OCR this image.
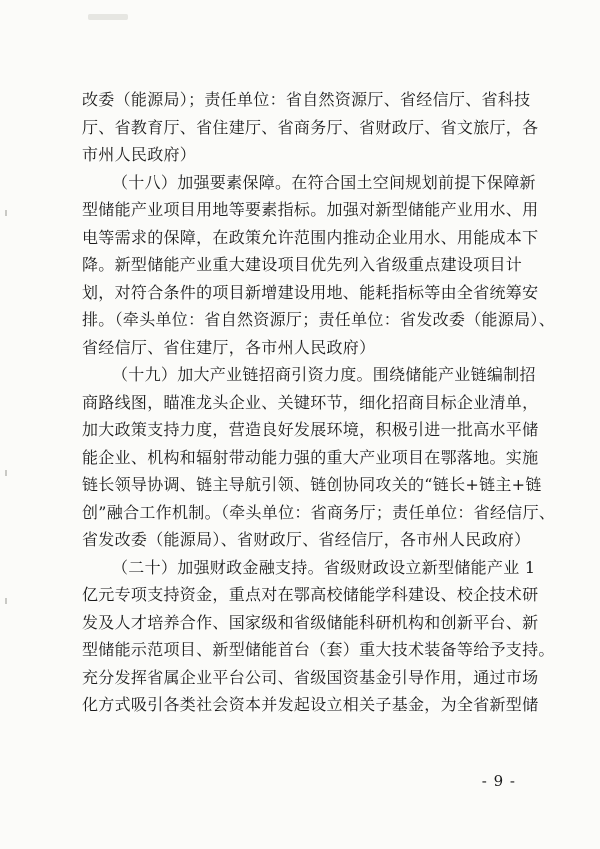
改委（能源局）；责任单位：省自然资源厅、省经信厅、省科技
厅、省教育厅、省住建厅、省商务厅、省财政厅、省文旅厅，各
市州人民政府）
（十八）加强要素保障。在符合国土空间规划前提下保障新
型储能产业项目用地等要素指标。加强对新型储能产业用水、用
电等需求的保障，在政策允许范围内推动企业用水、用能成本下
降。新型储能产业重大建设项目优先列入省级重点建设项目计
划，对符合条件的项目新增建设用地、能耗指标等由全省统筹安
排。（牵头单位：省自然资源厅；责任单位：省发改委（能源局）、
省经信厅、省住建厅，各市州人民政府）
（十九）加大产业链招商引资力度。围绕储能产业链编制招
商路线图，瞄准龙头企业、关键环节，细化招商目标企业清单，
加大政策支持力度，营造良好发展环境，积极引进一批高水平储
能企业、机构和辐射带动能力强的重大产业项目在鄂落地。实施
链长领导协调、链主导航引领、链创协同攻关的“链长+链主+链
创”融合工作机制。（牵头单位：省商务厅；责任单位：省经信厅、
省发改委（能源局）、省财政厅、省经信厅，各市州人民政府）
（二十）加强财政金融支持。省级财政设立新型储能产业 1
亿元专项支持资金，重点对在鄂高校储能学科建设、校企技术研
发及人才培养合作、国家级和省级储能科研机构和创新平台、新
型储能示范项目、新型储能首台（套）重大技术装备等给予支持。
充分发挥省属企业平台公司、省级国资基金引导作用，通过市场
化方式吸引各类社会资本并发起设立相关子基金，为全省新型储
- 9 -
